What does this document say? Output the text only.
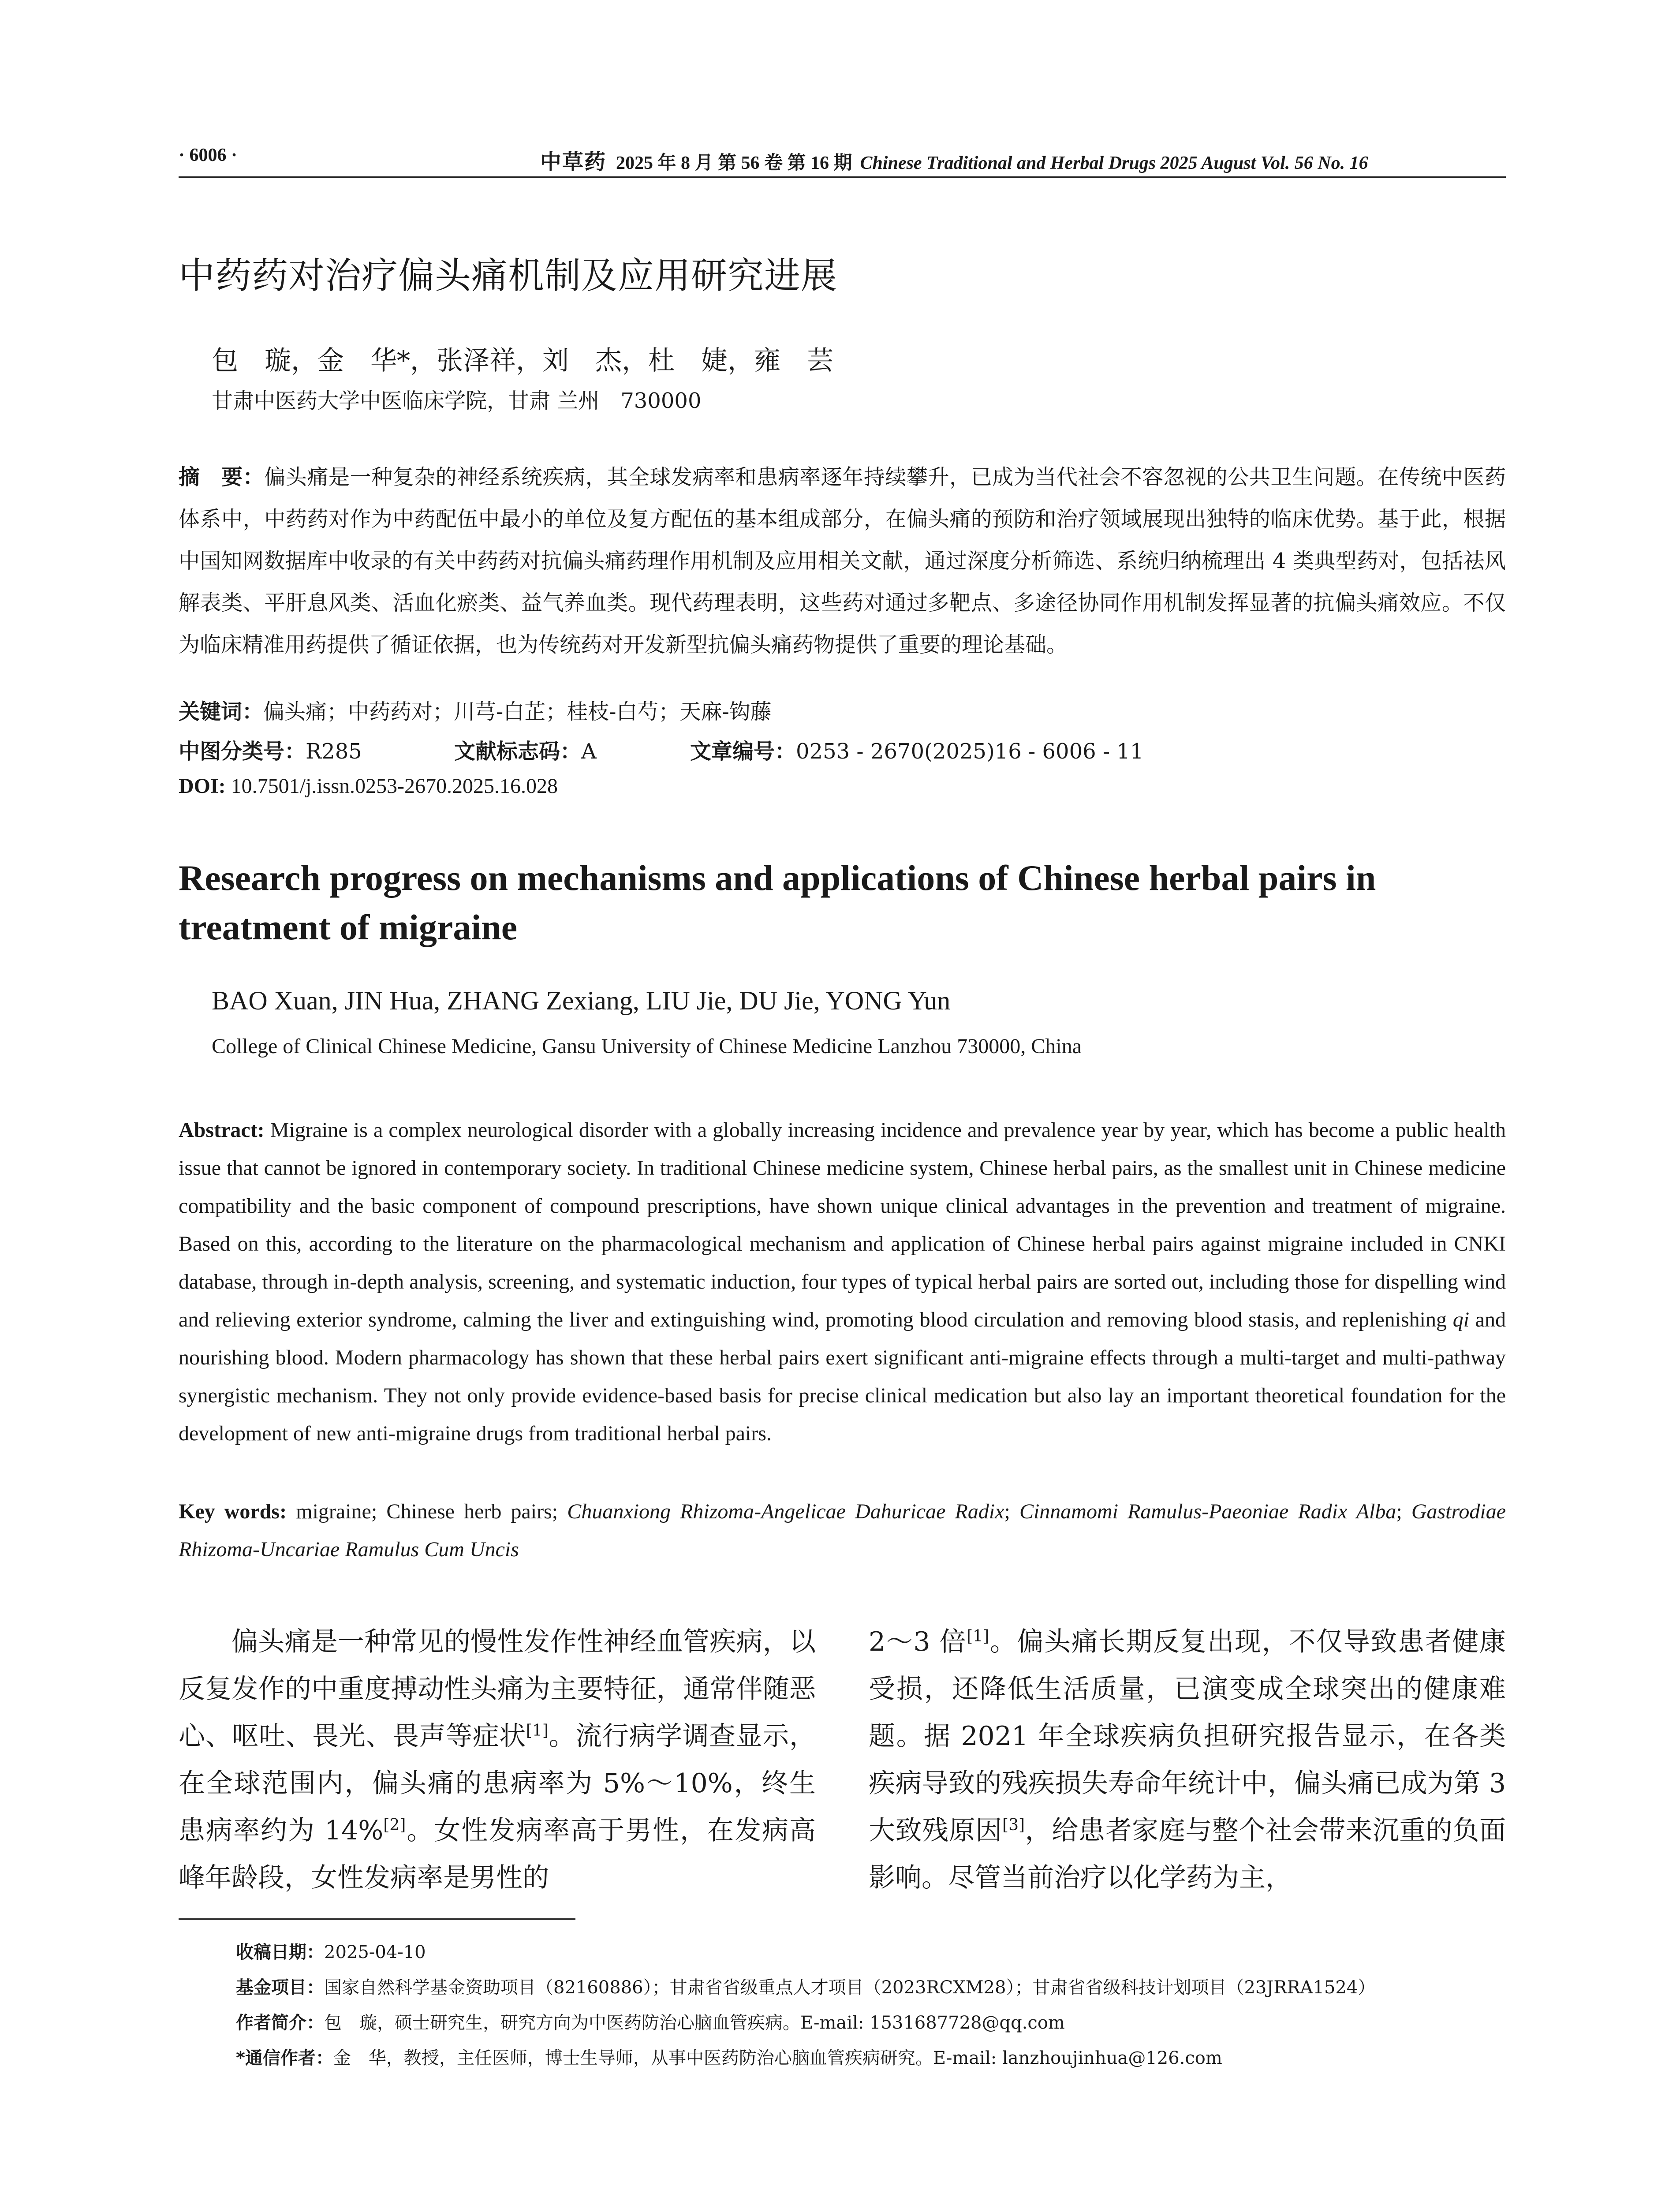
· 6006 ·	中草药 2025 年 8 月 第 56 卷 第 16 期 Chinese Traditional and Herbal Drugs 2025 August Vol. 56 No. 16
中药药对治疗偏头痛机制及应用研究进展
包　璇，金　华*，张泽祥，刘　杰，杜　婕，雍　芸
甘肃中医药大学中医临床学院，甘肃 兰州　730000
摘　要：偏头痛是一种复杂的神经系统疾病，其全球发病率和患病率逐年持续攀升，已成为当代社会不容忽视的公共卫生问题。在传统中医药体系中，中药药对作为中药配伍中最小的单位及复方配伍的基本组成部分，在偏头痛的预防和治疗领域展现出独特的临床优势。基于此，根据中国知网数据库中收录的有关中药药对抗偏头痛药理作用机制及应用相关文献，通过深度分析筛选、系统归纳梳理出 4 类典型药对，包括祛风解表类、平肝息风类、活血化瘀类、益气养血类。现代药理表明，这些药对通过多靶点、多途径协同作用机制发挥显著的抗偏头痛效应。不仅为临床精准用药提供了循证依据，也为传统药对开发新型抗偏头痛药物提供了重要的理论基础。
关键词：偏头痛；中药药对；川芎-白芷；桂枝-白芍；天麻-钩藤
中图分类号：R285	文献标志码：A	文章编号：0253 - 2670(2025)16 - 6006 - 11
DOI: 10.7501/j.issn.0253-2670.2025.16.028
Research progress on mechanisms and applications of Chinese herbal pairs in treatment of migraine
BAO Xuan, JIN Hua, ZHANG Zexiang, LIU Jie, DU Jie, YONG Yun
College of Clinical Chinese Medicine, Gansu University of Chinese Medicine Lanzhou 730000, China
Abstract: Migraine is a complex neurological disorder with a globally increasing incidence and prevalence year by year, which has become a public health issue that cannot be ignored in contemporary society. In traditional Chinese medicine system, Chinese herbal pairs, as the smallest unit in Chinese medicine compatibility and the basic component of compound prescriptions, have shown unique clinical advantages in the prevention and treatment of migraine. Based on this, according to the literature on the pharmacological mechanism and application of Chinese herbal pairs against migraine included in CNKI database, through in-depth analysis, screening, and systematic induction, four types of typical herbal pairs are sorted out, including those for dispelling wind and relieving exterior syndrome, calming the liver and extinguishing wind, promoting blood circulation and removing blood stasis, and replenishing qi and nourishing blood. Modern pharmacology has shown that these herbal pairs exert significant anti-migraine effects through a multi-target and multi-pathway synergistic mechanism. They not only provide evidence-based basis for precise clinical medication but also lay an important theoretical foundation for the development of new anti-migraine drugs from traditional herbal pairs.
Key words: migraine; Chinese herb pairs; Chuanxiong Rhizoma-Angelicae Dahuricae Radix; Cinnamomi Ramulus-Paeoniae Radix Alba; Gastrodiae Rhizoma-Uncariae Ramulus Cum Uncis
偏头痛是一种常见的慢性发作性神经血管疾病，以反复发作的中重度搏动性头痛为主要特征，通常伴随恶心、呕吐、畏光、畏声等症状[1]。流行病学调查显示，在全球范围内，偏头痛的患病率为 5%～10%，终生患病率约为 14%[2]。女性发病率高于男性，在发病高峰年龄段，女性发病率是男性的
2～3 倍[1]。偏头痛长期反复出现，不仅导致患者健康受损，还降低生活质量，已演变成全球突出的健康难题。据 2021 年全球疾病负担研究报告显示，在各类疾病导致的残疾损失寿命年统计中，偏头痛已成为第 3 大致残原因[3]，给患者家庭与整个社会带来沉重的负面影响。尽管当前治疗以化学药为主，
收稿日期：2025-04-10
基金项目：国家自然科学基金资助项目（82160886）；甘肃省省级重点人才项目（2023RCXM28）；甘肃省省级科技计划项目（23JRRA1524）
作者简介：包　璇，硕士研究生，研究方向为中医药防治心脑血管疾病。E-mail: 1531687728@qq.com
*通信作者：金　华，教授，主任医师，博士生导师，从事中医药防治心脑血管疾病研究。E-mail: lanzhoujinhua@126.com
